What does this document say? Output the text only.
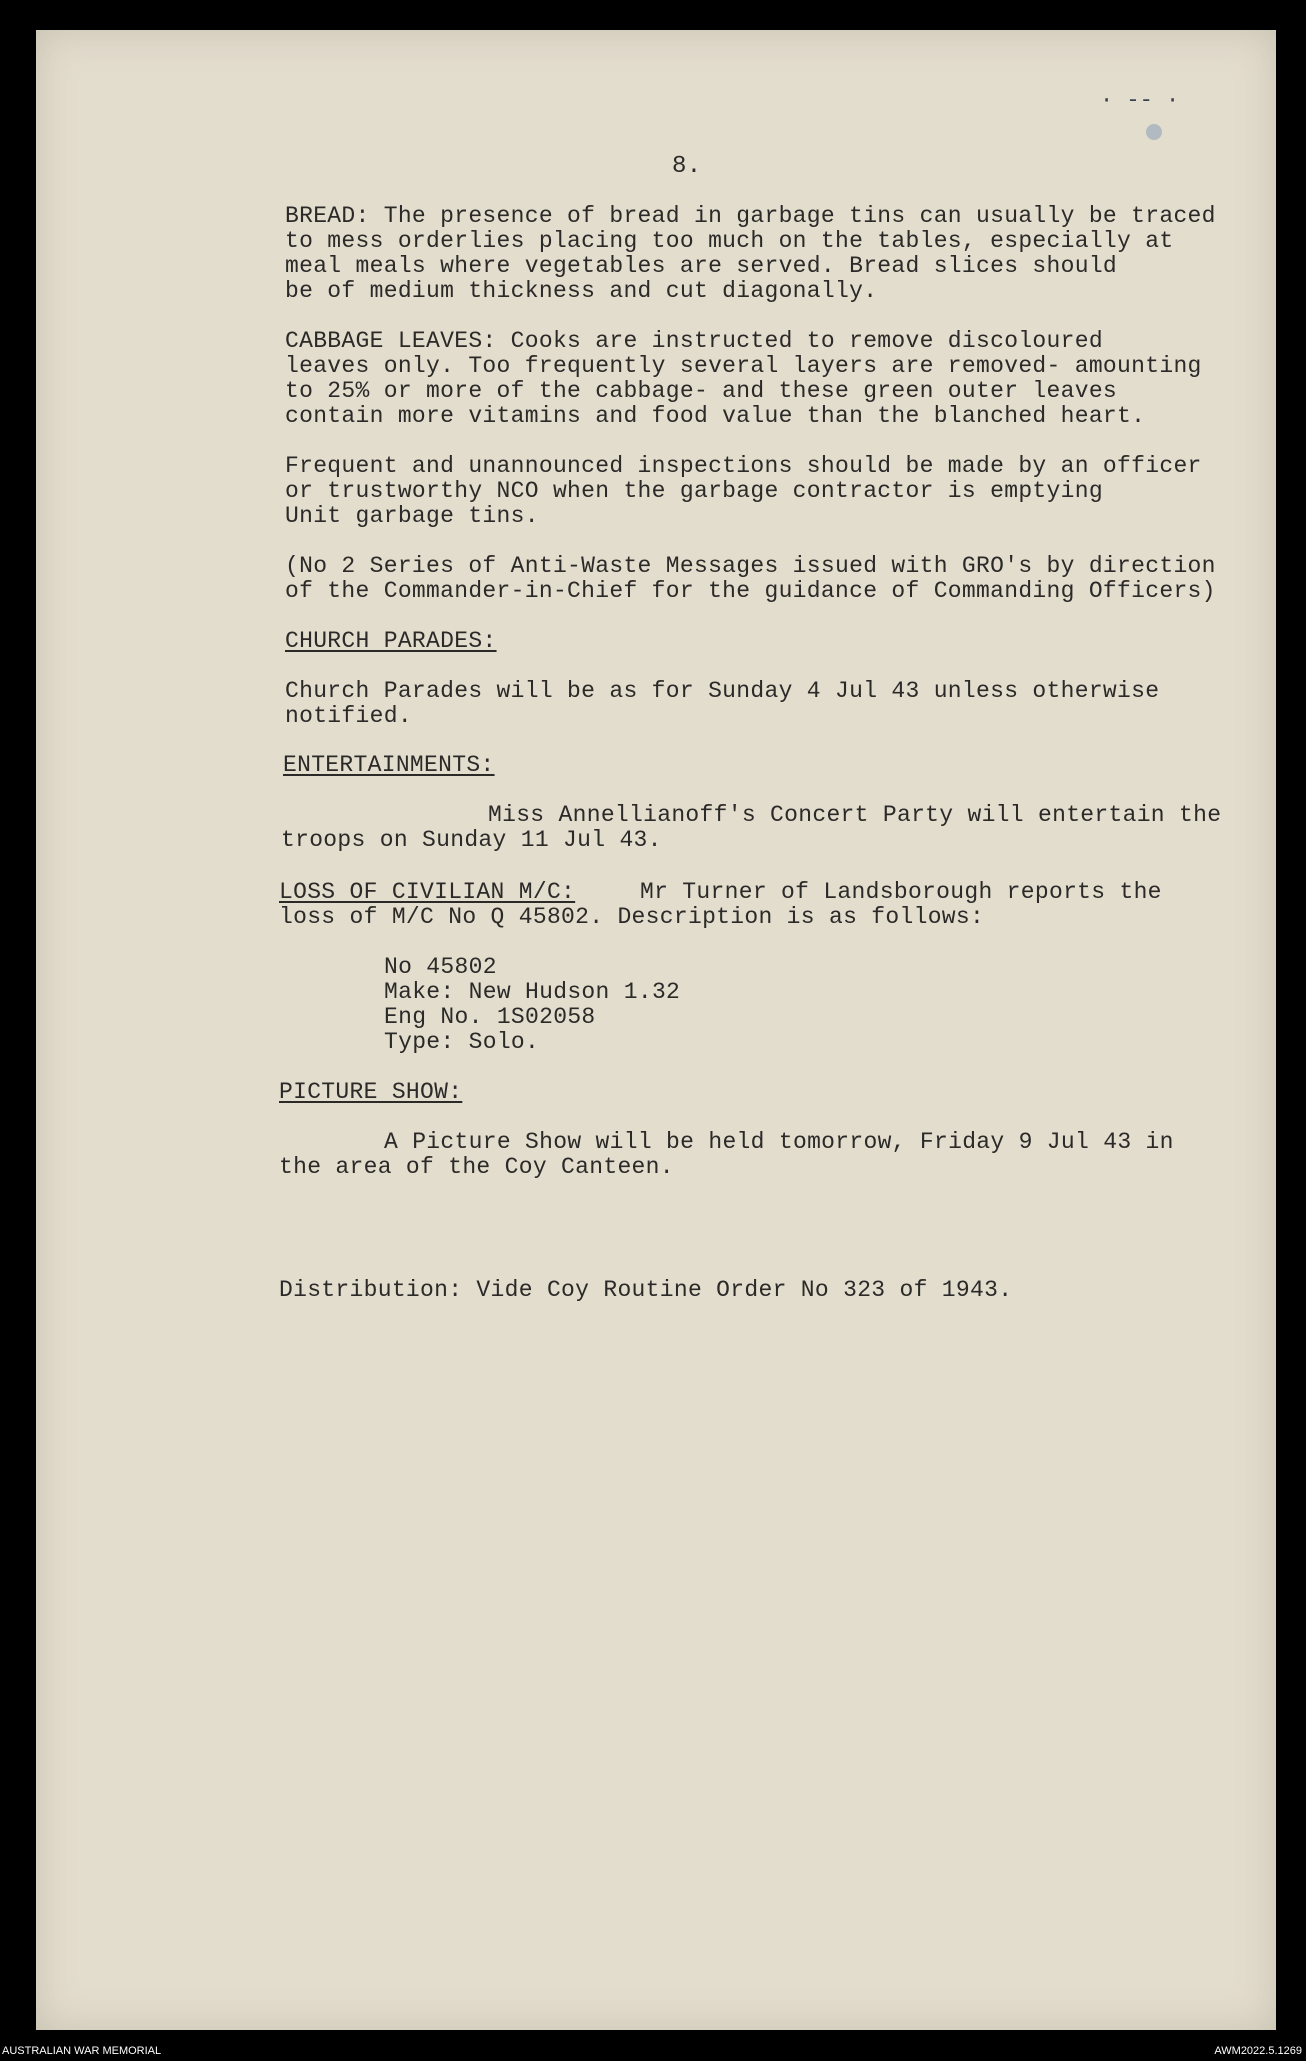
· -- ·
8.
BREAD: The presence of bread in garbage tins can usually be traced
to mess orderlies placing too much on the tables, especially at
meal meals where vegetables are served. Bread slices should
be of medium thickness and cut diagonally.
CABBAGE LEAVES: Cooks are instructed to remove discoloured
leaves only. Too frequently several layers are removed- amounting
to 25% or more of the cabbage- and these green outer leaves
contain more vitamins and food value than the blanched heart.
Frequent and unannounced inspections should be made by an officer
or trustworthy NCO when the garbage contractor is emptying
Unit garbage tins.
(No 2 Series of Anti-Waste Messages issued with GRO's by direction
of the Commander-in-Chief for the guidance of Commanding Officers)
CHURCH PARADES:
Church Parades will be as for Sunday 4 Jul 43 unless otherwise
notified.
ENTERTAINMENTS:
Miss Annellianoff's Concert Party will entertain the
troops on Sunday 11 Jul 43.
LOSS OF CIVILIAN M/C:	Mr Turner of Landsborough reports the
loss of M/C No Q 45802. Description is as follows:
No 45802
Make: New Hudson 1.32
Eng No. 1S02058
Type: Solo.
PICTURE SHOW:
A Picture Show will be held tomorrow, Friday 9 Jul 43 in
the area of the Coy Canteen.
Distribution: Vide Coy Routine Order No 323 of 1943.
AUSTRALIAN WAR MEMORIAL	AWM2022.5.1269
